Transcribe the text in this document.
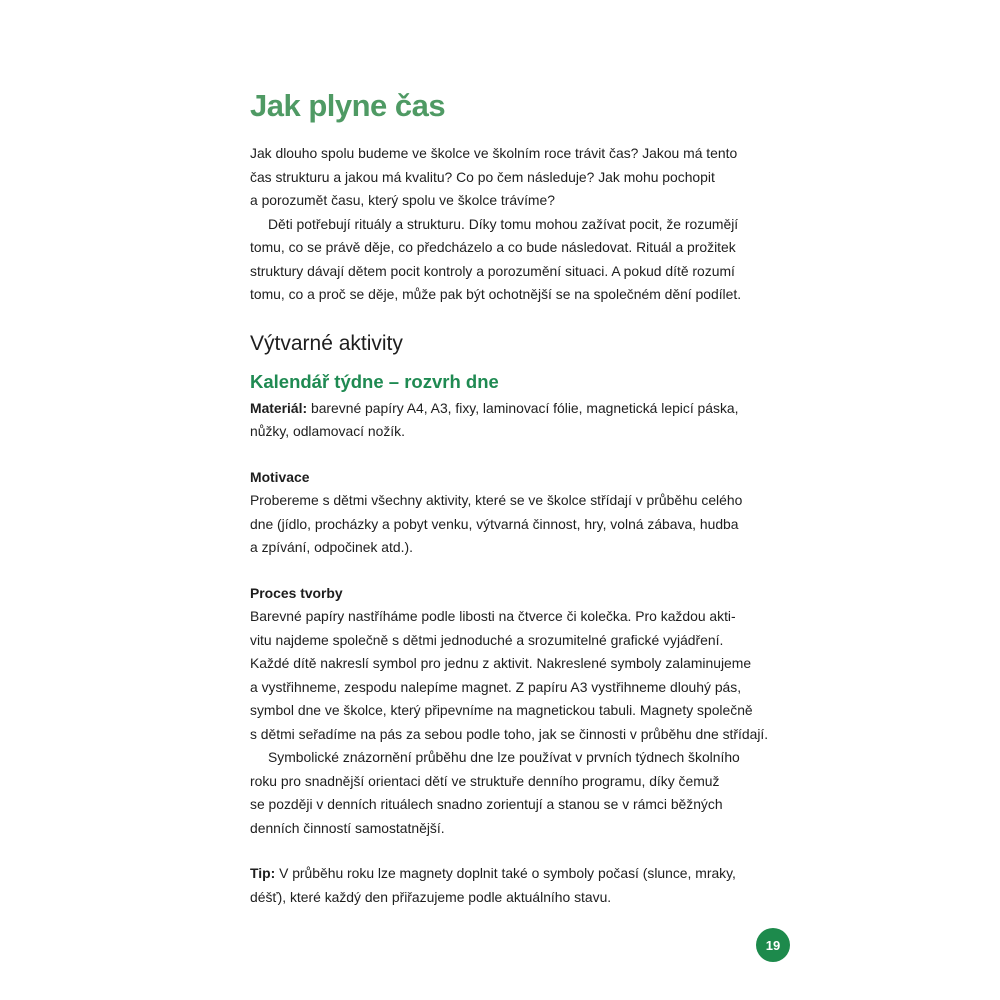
Jak plyne čas

Jak dlouho spolu budeme ve školce ve školním roce trávit čas? Jakou má tento
čas strukturu a jakou má kvalitu? Co po čem následuje? Jak mohu pochopit
a porozumět času, který spolu ve školce trávíme?

Děti potřebují rituály a strukturu. Díky tomu mohou zažívat pocit, že rozumějí
tomu, co se právě děje, co předcházelo a co bude následovat. Rituál a prožitek
struktury dávají dětem pocit kontroly a porozumění situaci. A pokud dítě rozumí
tomu, co a proč se děje, může pak být ochotnější se na společném dění podílet.

Výtvarné aktivity
Kalendář týdne – rozvrh dne

Materiál: barevné papíry A4, A3, fixy, laminovací fólie, magnetická lepicí páska,
nůžky, odlamovací nožík.

Motivace

Probereme s dětmi všechny aktivity, které se ve školce střídají v průběhu celého
dne (jídlo, procházky a pobyt venku, výtvarná činnost, hry, volná zábava, hudba
a zpívání, odpočinek atd.).

Proces tvorby

Barevné papíry nastříháme podle libosti na čtverce či kolečka. Pro každou akti-
vitu najdeme společně s dětmi jednoduché a srozumitelné grafické vyjádření.
Každé dítě nakreslí symbol pro jednu z aktivit. Nakreslené symboly zalaminujeme
a vystřihneme, zespodu nalepíme magnet. Z papíru A3 vystřihneme dlouhý pás,
symbol dne ve školce, který připevníme na magnetickou tabuli. Magnety společně
s dětmi seřadíme na pás za sebou podle toho, jak se činnosti v průběhu dne střídají.

Symbolické znázornění průběhu dne lze používat v prvních týdnech školního
roku pro snadnější orientaci dětí ve struktuře denního programu, díky čemuž
se později v denních rituálech snadno zorientují a stanou se v rámci běžných
denních činností samostatnější.

Tip: V průběhu roku lze magnety doplnit také o symboly počasí (slunce, mraky,
déšť), které každý den přiřazujeme podle aktuálního stavu.

19
